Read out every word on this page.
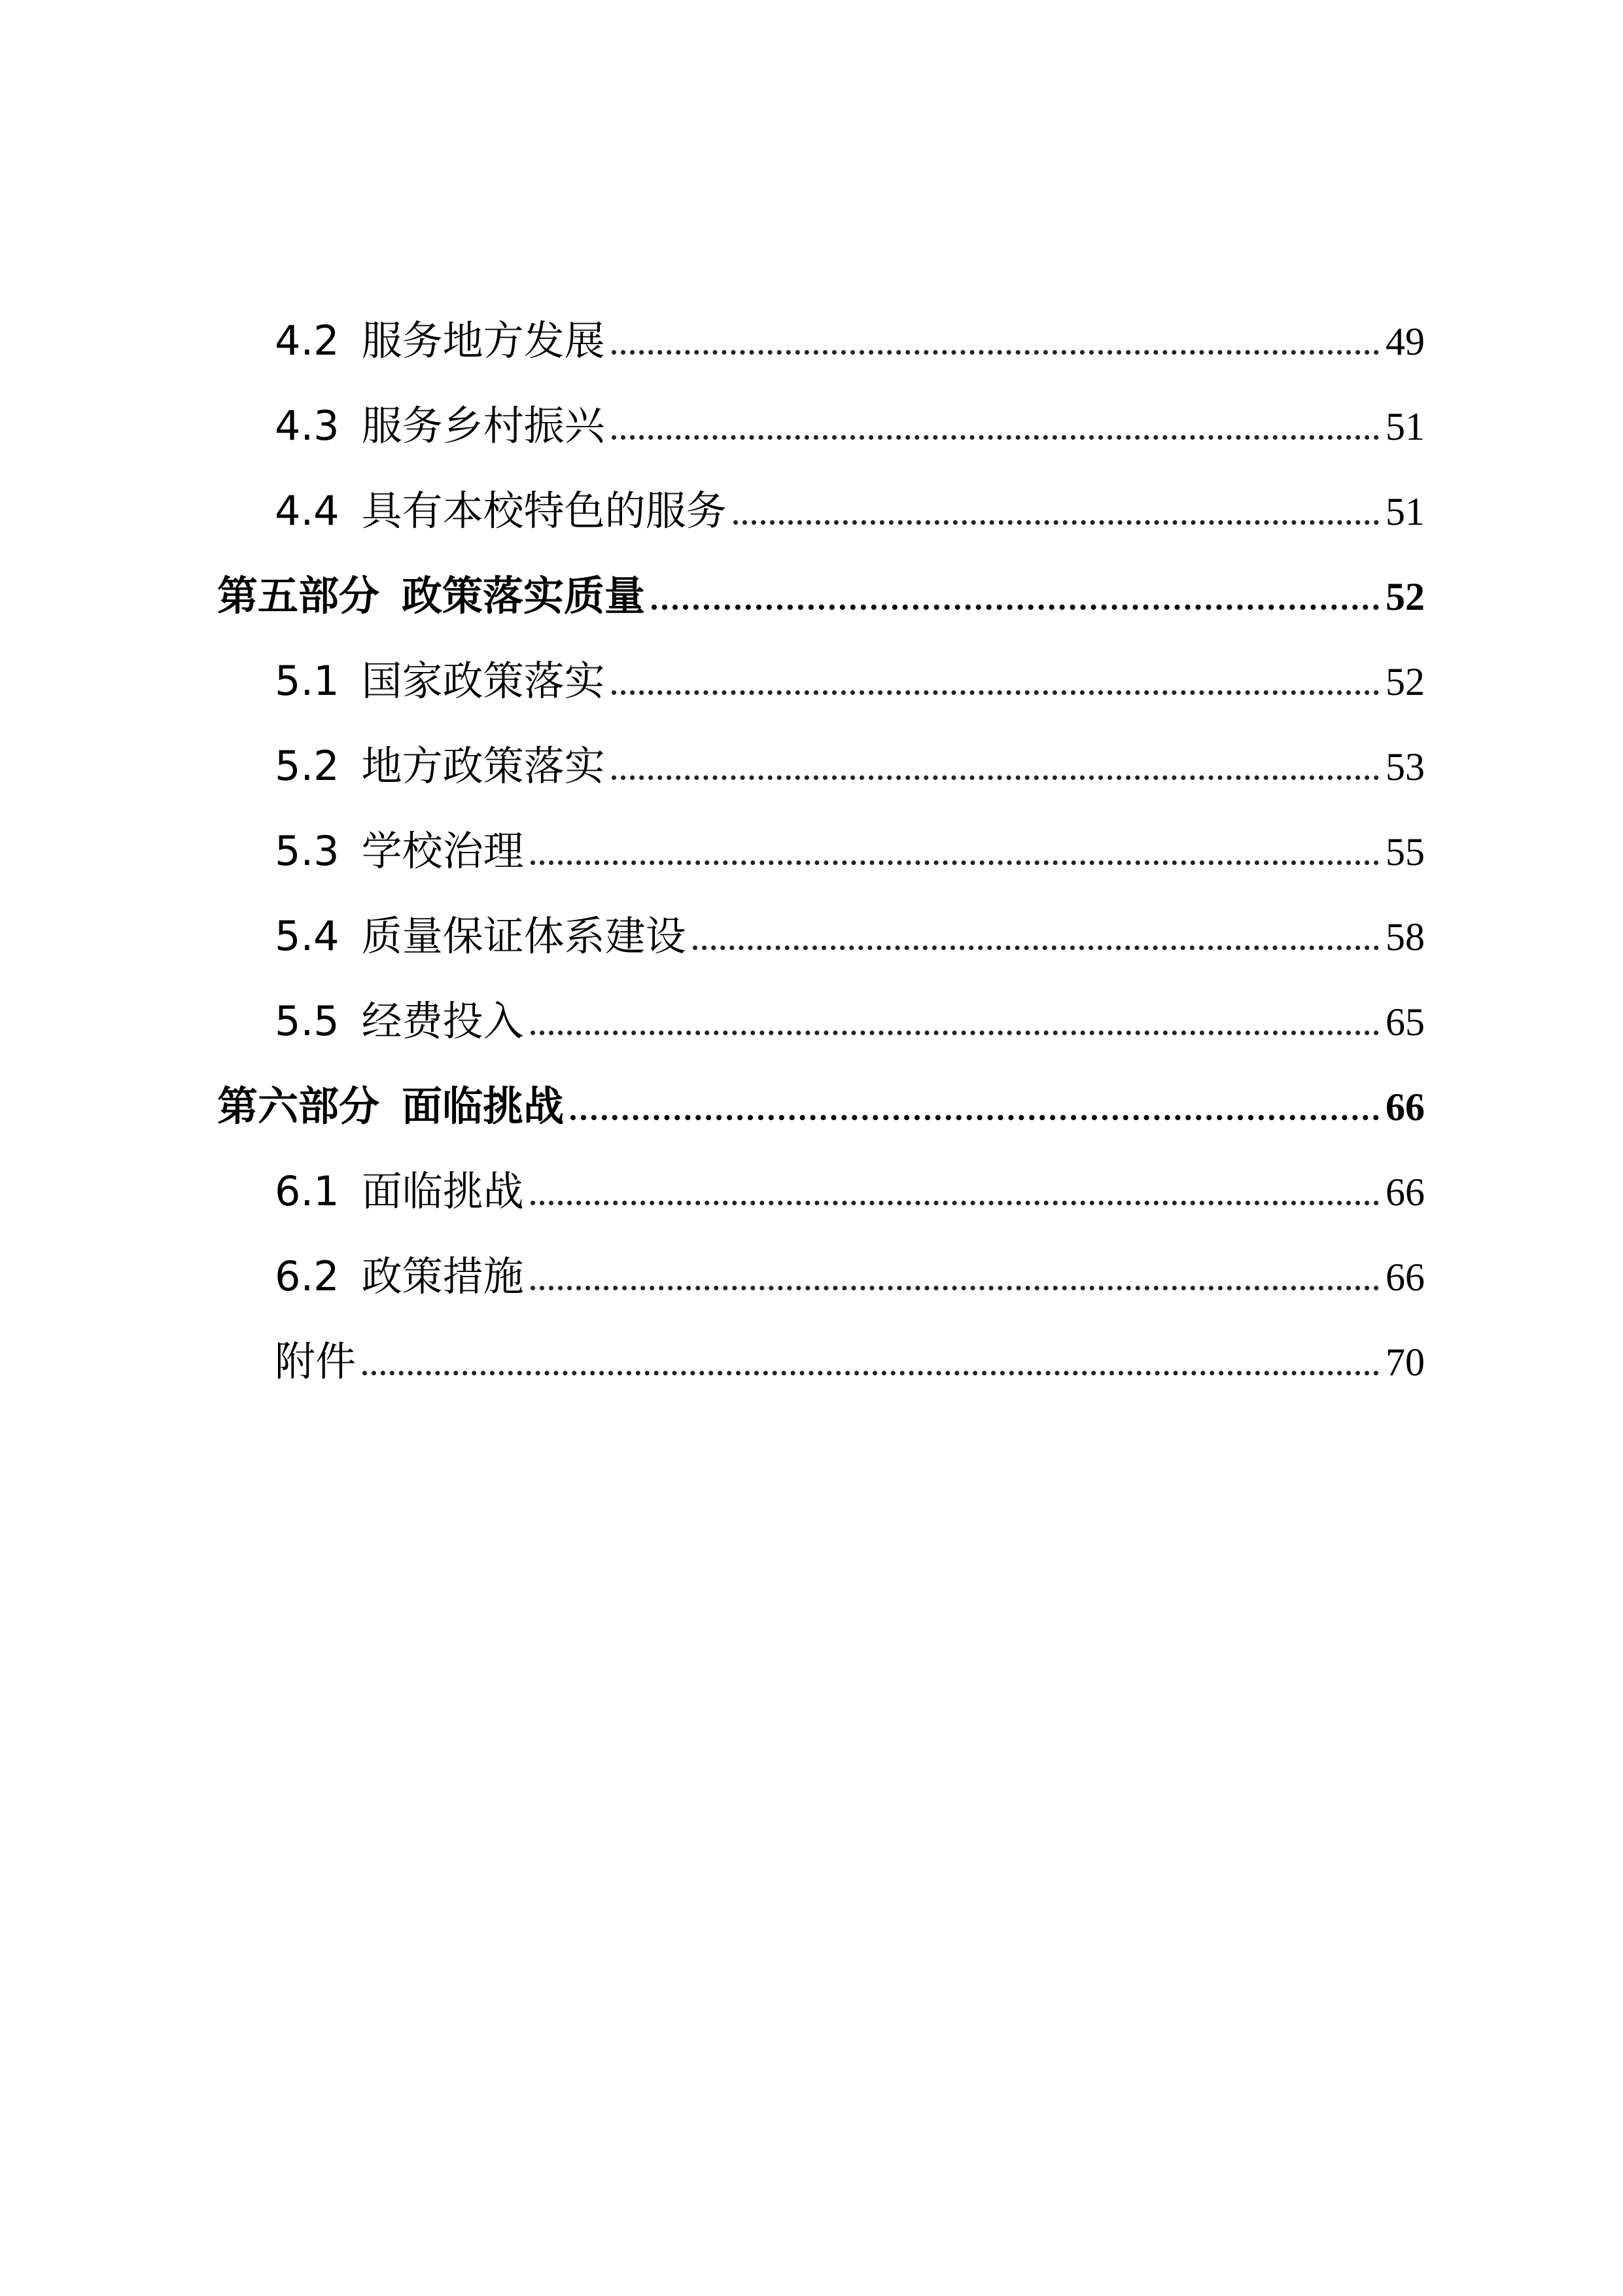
4.2 服务地方发展	49
4.3 服务乡村振兴	51
4.4 具有本校特色的服务	51
第五部分 政策落实质量	52
5.1 国家政策落实	52
5.2 地方政策落实	53
5.3 学校治理	55
5.4 质量保证体系建设	58
5.5 经费投入	65
第六部分 面临挑战	66
6.1 面临挑战	66
6.2 政策措施	66
附件	70
